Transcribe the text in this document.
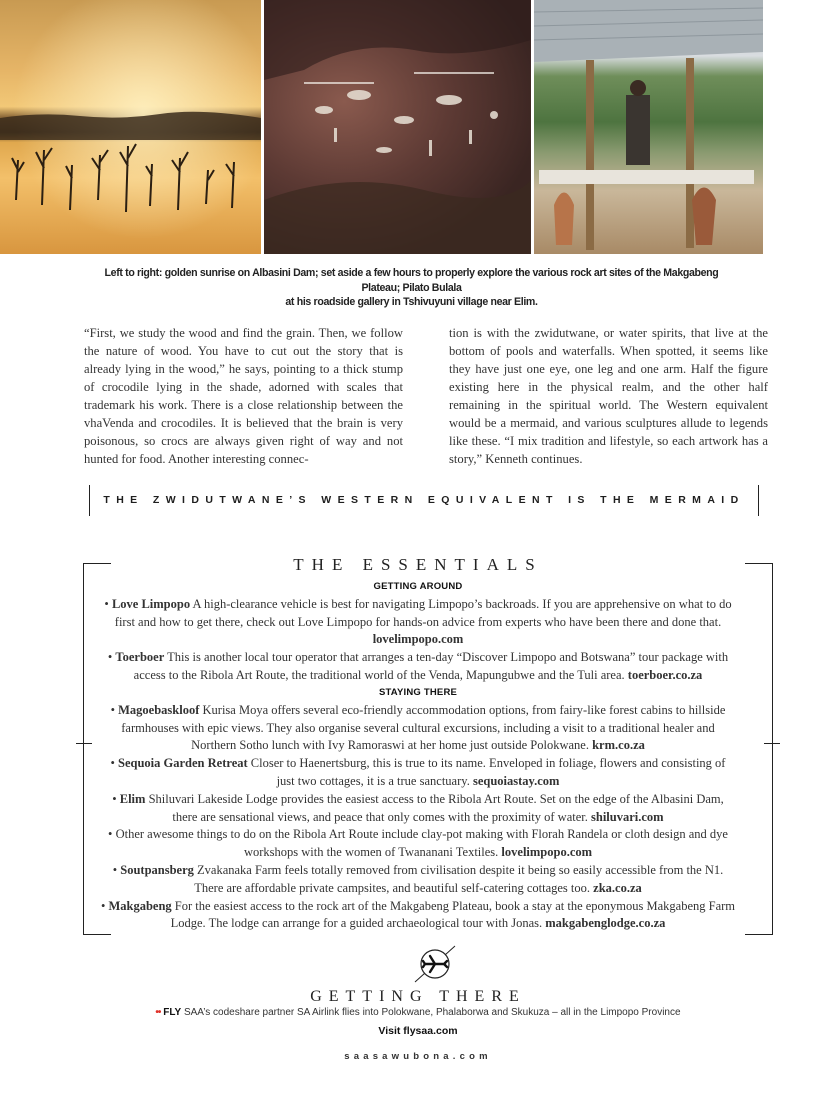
Left to right: golden sunrise on Albasini Dam; set aside a few hours to properly explore the various rock art sites of the Makgabeng Plateau; Pilato Bulala
at his roadside gallery in Tshivuyuni village near Elim.
“First, we study the wood and find the grain. Then, we follow the nature of wood. You have to cut out the story that is already lying in the wood,” he says, pointing to a thick stump of crocodile lying in the shade, adorned with scales that trademark his work. There is a close relationship between the vhaVenda and crocodiles. It is believed that the brain is very poisonous, so crocs are always given right of way and not hunted for food. Another interesting connec-
tion is with the zwidutwane, or water spirits, that live at the bottom of pools and waterfalls. When spotted, it seems like they have just one eye, one leg and one arm. Half the figure existing here in the physical realm, and the other half remaining in the spiritual world. The Western equivalent would be a mermaid, and various sculptures allude to legends like these. “I mix tradition and lifestyle, so each artwork has a story,” Kenneth continues.
THE ZWIDUTWANE’S WESTERN EQUIVALENT IS THE MERMAID
THE ESSENTIALS
GETTING AROUND
• Love Limpopo A high-clearance vehicle is best for navigating Limpopo’s backroads. If you are apprehensive on what to do first and how to get there, check out Love Limpopo for hands-on advice from experts who have been there and done that. lovelimpopo.com
• Toerboer This is another local tour operator that arranges a ten-day “Discover Limpopo and Botswana” tour package with access to the Ribola Art Route, the traditional world of the Venda, Mapungubwe and the Tuli area. toerboer.co.za
STAYING THERE
• Magoebaskloof Kurisa Moya offers several eco-friendly accommodation options, from fairy-like forest cabins to hillside farmhouses with epic views. They also organise several cultural excursions, including a visit to a traditional healer and Northern Sotho lunch with Ivy Ramoraswi at her home just outside Polokwane. krm.co.za
• Sequoia Garden Retreat Closer to Haenertsburg, this is true to its name. Enveloped in foliage, flowers and consisting of just two cottages, it is a true sanctuary. sequoiastay.com
• Elim Shiluvari Lakeside Lodge provides the easiest access to the Ribola Art Route. Set on the edge of the Albasini Dam, there are sensational views, and peace that only comes with the proximity of water. shiluvari.com
• Other awesome things to do on the Ribola Art Route include clay-pot making with Florah Randela or cloth design and dye workshops with the women of Twananani Textiles. lovelimpopo.com
• Soutpansberg Zvakanaka Farm feels totally removed from civilisation despite it being so easily accessible from the N1. There are affordable private campsites, and beautiful self-catering cottages too. zka.co.za
• Makgabeng For the easiest access to the rock art of the Makgabeng Plateau, book a stay at the eponymous Makgabeng Farm Lodge. The lodge can arrange for a guided archaeological tour with Jonas. makgabenglodge.co.za
GETTING THERE
•• FLY SAA’s codeshare partner SA Airlink flies into Polokwane, Phalaborwa and Skukuza – all in the Limpopo Province
Visit flysaa.com
saasawubona.com
